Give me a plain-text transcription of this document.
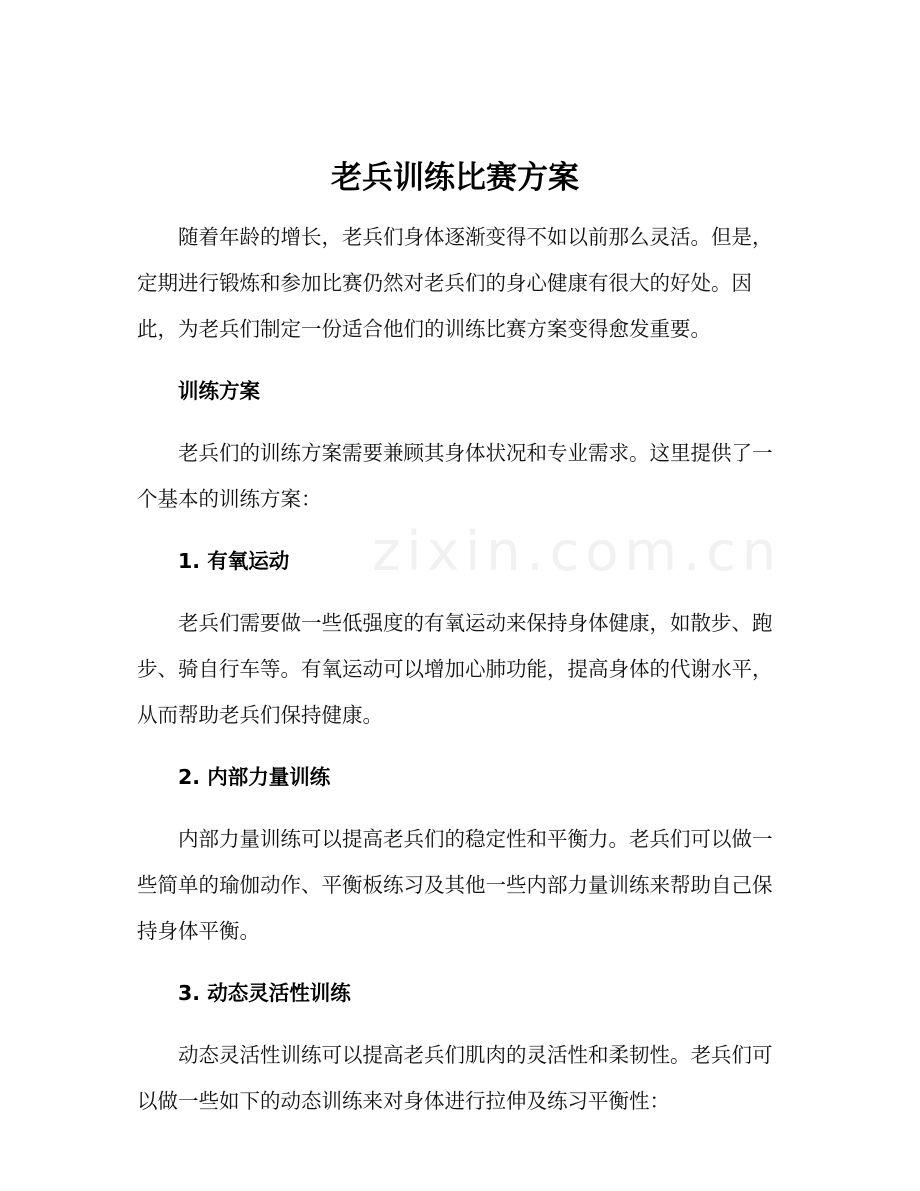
zixin.com.cn
老兵训练比赛方案

随着年龄的增长，老兵们身体逐渐变得不如以前那么灵活。但是，定期进行锻炼和参加比赛仍然对老兵们的身心健康有很大的好处。因此，为老兵们制定一份适合他们的训练比赛方案变得愈发重要。

训练方案

老兵们的训练方案需要兼顾其身体状况和专业需求。这里提供了一个基本的训练方案：

1. 有氧运动

老兵们需要做一些低强度的有氧运动来保持身体健康，如散步、跑步、骑自行车等。有氧运动可以增加心肺功能，提高身体的代谢水平，从而帮助老兵们保持健康。

2. 内部力量训练

内部力量训练可以提高老兵们的稳定性和平衡力。老兵们可以做一些简单的瑜伽动作、平衡板练习及其他一些内部力量训练来帮助自己保持身体平衡。

3. 动态灵活性训练

动态灵活性训练可以提高老兵们肌肉的灵活性和柔韧性。老兵们可以做一些如下的动态训练来对身体进行拉伸及练习平衡性：
